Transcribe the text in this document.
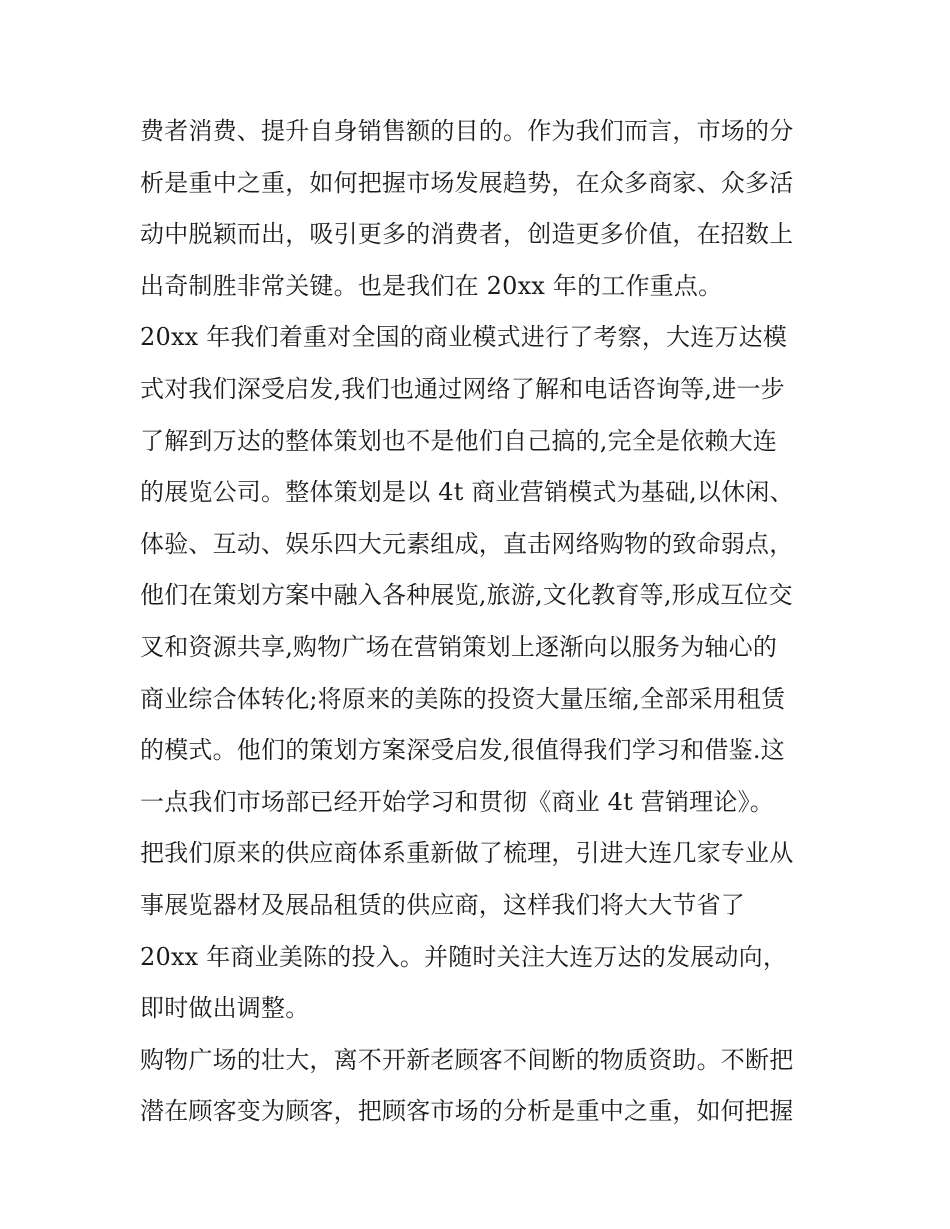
费者消费、提升自身销售额的目的。作为我们而言，市场的分
析是重中之重，如何把握市场发展趋势，在众多商家、众多活
动中脱颖而出，吸引更多的消费者，创造更多价值，在招数上
出奇制胜非常关键。也是我们在 20xx 年的工作重点。
20xx 年我们着重对全国的商业模式进行了考察，大连万达模
式对我们深受启发,我们也通过网络了解和电话咨询等,进一步
了解到万达的整体策划也不是他们自己搞的,完全是依赖大连
的展览公司。整体策划是以 4t 商业营销模式为基础,以休闲、
体验、互动、娱乐四大元素组成，直击网络购物的致命弱点，
他们在策划方案中融入各种展览,旅游,文化教育等,形成互位交
叉和资源共享,购物广场在营销策划上逐渐向以服务为轴心的
商业综合体转化;将原来的美陈的投资大量压缩,全部采用租赁
的模式。他们的策划方案深受启发,很值得我们学习和借鉴.这
一点我们市场部已经开始学习和贯彻《商业 4t 营销理论》。
把我们原来的供应商体系重新做了梳理，引进大连几家专业从
事展览器材及展品租赁的供应商，这样我们将大大节省了
20xx 年商业美陈的投入。并随时关注大连万达的发展动向，
即时做出调整。
购物广场的壮大，离不开新老顾客不间断的物质资助。不断把
潜在顾客变为顾客，把顾客市场的分析是重中之重，如何把握
